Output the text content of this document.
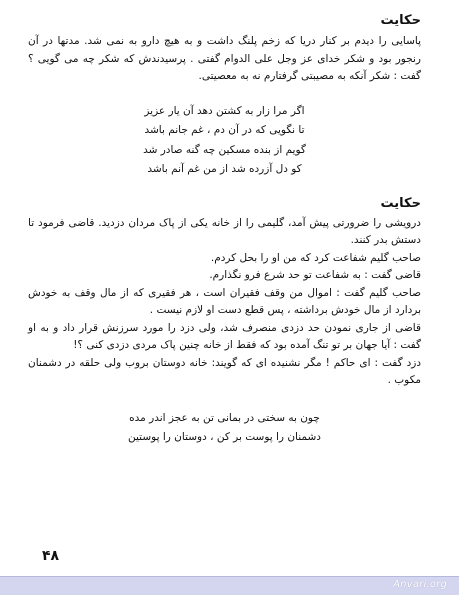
حکایت

پاسایی را دیدم بر کنار دریا که زخم پلنگ داشت و به هیچ دارو به نمی شد. مدتها در آن رنجور بود و شکر خدای عز وجل علی الدوام گفتی . پرسیدندش که شکر چه می گویی ؟ گفت : شکر آنکه به مصیبتی گرفتارم نه به معصیتی.

اگر مرا زار به کشتن دهد آن یار عزیز
تا نگویی که در آن دم ، غم جانم باشد
گویم از بنده مسکین چه گنه صادر شد
کو دل آزرده شد از من غم آنم باشد
حکایت

درویشی را ضرورتی پیش آمد، گلیمی را از خانه یکی از پاک مردان دزدید. قاضی فرمود تا دستش بدر کنند.

صاحب گلیم شفاعت کرد که من او را بحل کردم.

قاضی گفت : به شفاعت تو حد شرع فرو نگذارم.

صاحب گلیم گفت : اموال من وقف فقیران است ، هر فقیری که از مال وقف به خودش بردارد از مال خودش برداشته ، پس قطع دست او لازم نیست .

قاضی از جاری نمودن حد دزدی منصرف شد، ولی دزد را مورد سرزنش قرار داد و به او گفت : آیا جهان بر تو تنگ آمده بود که فقط از خانه چنین پاک مردی دزدی کنی ؟!

دزد گفت : ای حاکم ! مگر نشنیده ای که گویند: خانه دوستان بروب ولی حلقه در دشمنان مکوب .

چون به سختی در بمانی تن به عجز اندر مده
دشمنان را پوست بر کن ، دوستان را پوستین
۴۸
Anvari.org
